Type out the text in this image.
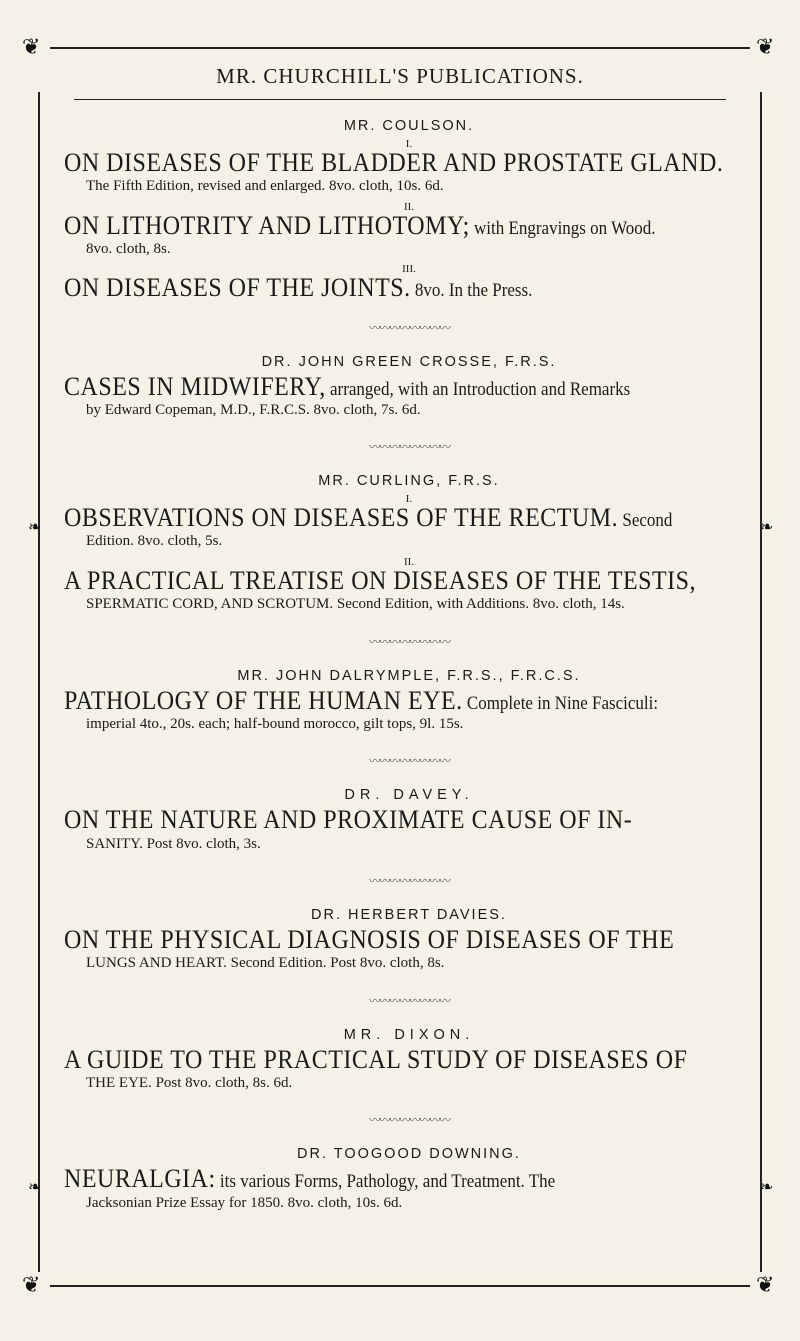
❦	❦
❦	❦
❧	❧
❧	❧
MR. CHURCHILL'S PUBLICATIONS.

MR. COULSON.

I.

ON DISEASES OF THE BLADDER AND PROSTATE GLAND.

The Fifth Edition, revised and enlarged. 8vo. cloth, 10s. 6d.

II.

ON LITHOTRITY AND LITHOTOMY; with Engravings on Wood.

8vo. cloth, 8s.

III.

ON DISEASES OF THE JOINTS. 8vo. In the Press.

〰〰〰〰〰〰〰〰

DR. JOHN GREEN CROSSE, F.R.S.

CASES IN MIDWIFERY, arranged, with an Introduction and Remarks

by Edward Copeman, M.D., F.R.C.S. 8vo. cloth, 7s. 6d.

〰〰〰〰〰〰〰〰

MR. CURLING, F.R.S.

I.

OBSERVATIONS ON DISEASES OF THE RECTUM. Second

Edition. 8vo. cloth, 5s.

II.

A PRACTICAL TREATISE ON DISEASES OF THE TESTIS,

SPERMATIC CORD, AND SCROTUM. Second Edition, with Additions. 8vo. cloth, 14s.

〰〰〰〰〰〰〰〰

MR. JOHN DALRYMPLE, F.R.S., F.R.C.S.

PATHOLOGY OF THE HUMAN EYE. Complete in Nine Fasciculi:

imperial 4to., 20s. each; half-bound morocco, gilt tops, 9l. 15s.

〰〰〰〰〰〰〰〰

DR. DAVEY.

ON THE NATURE AND PROXIMATE CAUSE OF IN-

SANITY. Post 8vo. cloth, 3s.

〰〰〰〰〰〰〰〰

DR. HERBERT DAVIES.

ON THE PHYSICAL DIAGNOSIS OF DISEASES OF THE

LUNGS AND HEART. Second Edition. Post 8vo. cloth, 8s.

〰〰〰〰〰〰〰〰

MR. DIXON.

A GUIDE TO THE PRACTICAL STUDY OF DISEASES OF

THE EYE. Post 8vo. cloth, 8s. 6d.

〰〰〰〰〰〰〰〰

DR. TOOGOOD DOWNING.

NEURALGIA: its various Forms, Pathology, and Treatment. The

Jacksonian Prize Essay for 1850. 8vo. cloth, 10s. 6d.
